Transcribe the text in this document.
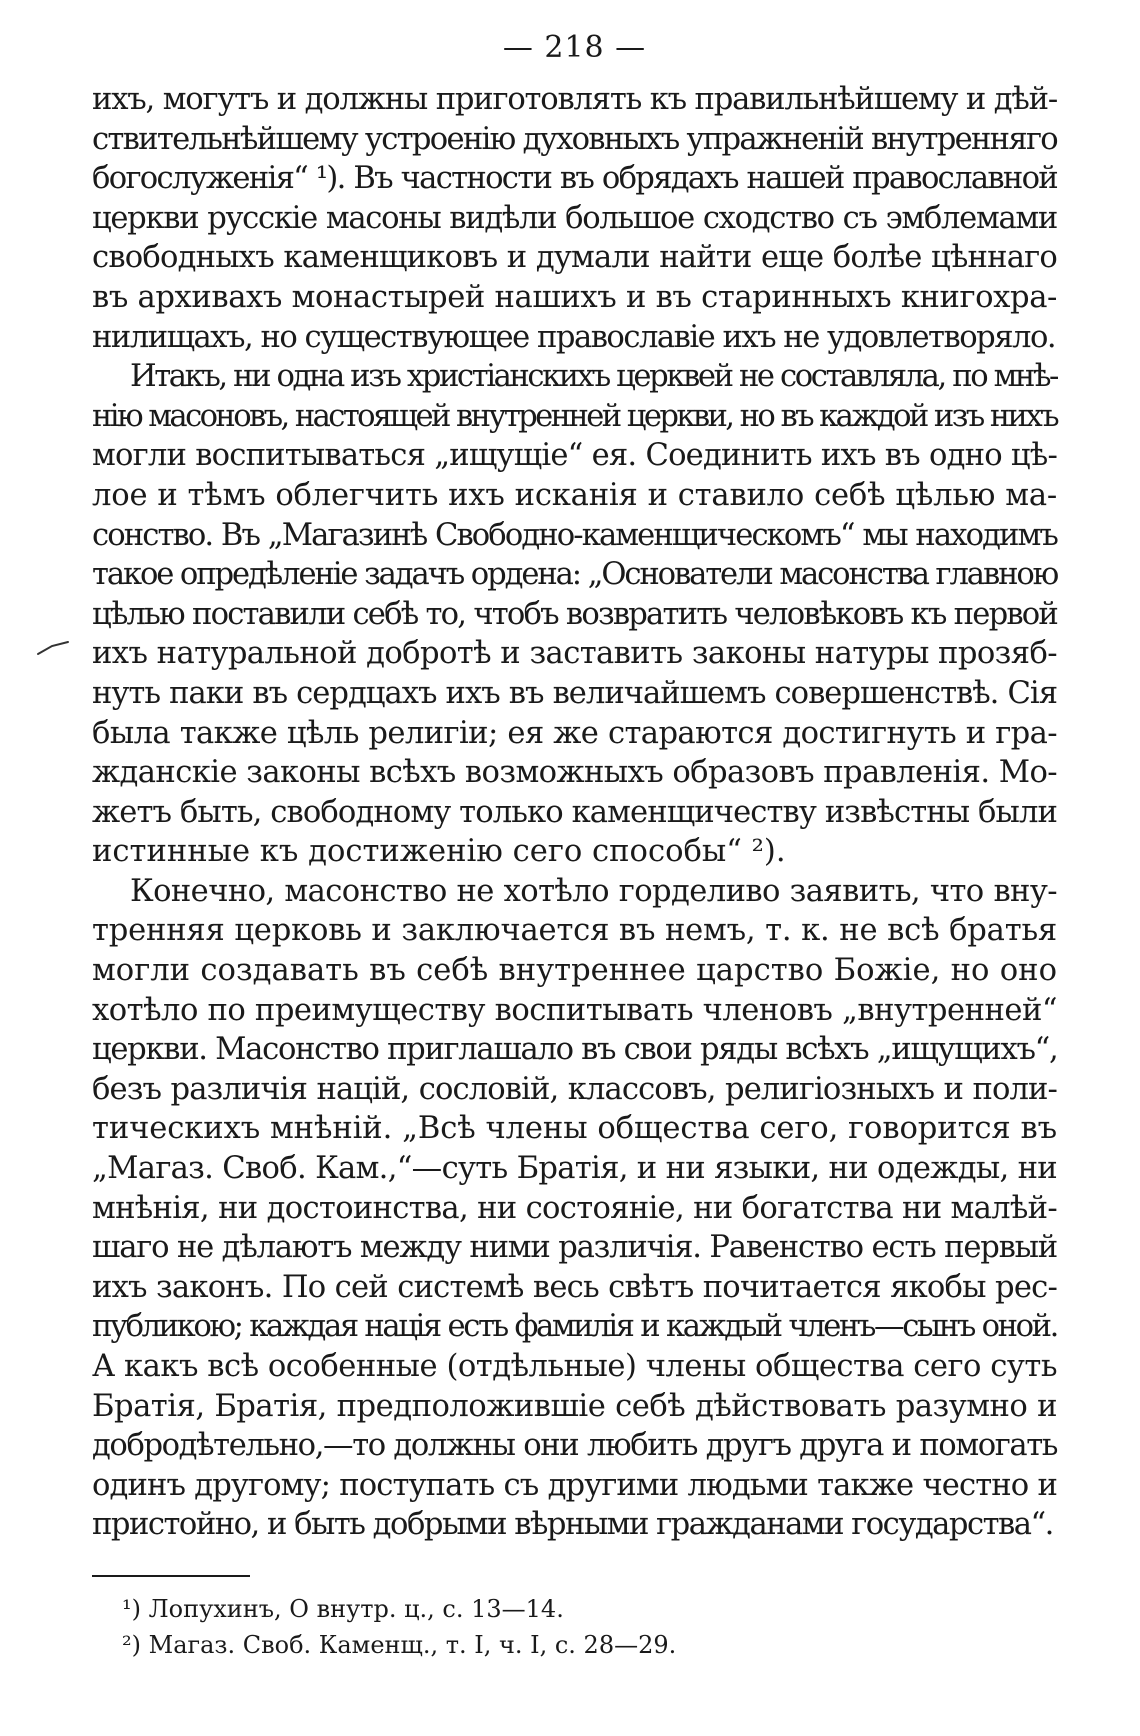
— 218 —
ихъ, могутъ и должны приготовлять къ правильнѣйшему и дѣй-
ствительнѣйшему устроенію духовныхъ упражненій внутренняго
богослуженія“ ¹). Въ частности въ обрядахъ нашей православной
церкви русскіе масоны видѣли большое сходство съ эмблемами
свободныхъ каменщиковъ и думали найти еще болѣе цѣннаго
въ архивахъ монастырей нашихъ и въ старинныхъ книгохра-
нилищахъ, но существующее православіе ихъ не удовлетворяло.
Итакъ, ни одна изъ христіанскихъ церквей не составляла, по мнѣ-
нію масоновъ, настоящей внутренней церкви, но въ каждой изъ нихъ
могли воспитываться „ищущіе“ ея. Соединить ихъ въ одно цѣ-
лое и тѣмъ облегчить ихъ исканія и ставило себѣ цѣлью ма-
сонство. Въ „Магазинѣ Свободно-каменщическомъ“ мы находимъ
такое опредѣленіе задачъ ордена: „Основатели масонства главною
цѣлью поставили себѣ то, чтобъ возвратить человѣковъ къ первой
ихъ натуральной добротѣ и заставить законы натуры прозяб-
нуть паки въ сердцахъ ихъ въ величайшемъ совершенствѣ. Сія
была также цѣль религіи; ея же стараются достигнуть и гра-
жданскіе законы всѣхъ возможныхъ образовъ правленія. Мо-
жетъ быть, свободному только каменщичеству извѣстны были
истинные къ достиженію сего способы“ ²).
Конечно, масонство не хотѣло горделиво заявить, что вну-
тренняя церковь и заключается въ немъ, т. к. не всѣ братья
могли создавать въ себѣ внутреннее царство Божіе, но оно
хотѣло по преимуществу воспитывать членовъ „внутренней“
церкви. Масонство приглашало въ свои ряды всѣхъ „ищущихъ“,
безъ различія націй, сословій, классовъ, религіозныхъ и поли-
тическихъ мнѣній. „Всѣ члены общества сего, говорится въ
„Магаз. Своб. Кам.,“—суть Братія, и ни языки, ни одежды, ни
мнѣнія, ни достоинства, ни состояніе, ни богатства ни малѣй-
шаго не дѣлаютъ между ними различія. Равенство есть первый
ихъ законъ. По сей системѣ весь свѣтъ почитается якобы рес-
публикою; каждая нація есть фамилія и каждый членъ—сынъ оной.
А какъ всѣ особенные (отдѣльные) члены общества сего суть
Братія, Братія, предположившіе себѣ дѣйствовать разумно и
добродѣтельно,—то должны они любить другъ друга и помогать
одинъ другому; поступать съ другими людьми также честно и
пристойно, и быть добрыми вѣрными гражданами государства“.

¹) Лопухинъ, О внутр. ц., с. 13—14.

²) Магаз. Своб. Каменщ., т. I, ч. I, с. 28—29.
